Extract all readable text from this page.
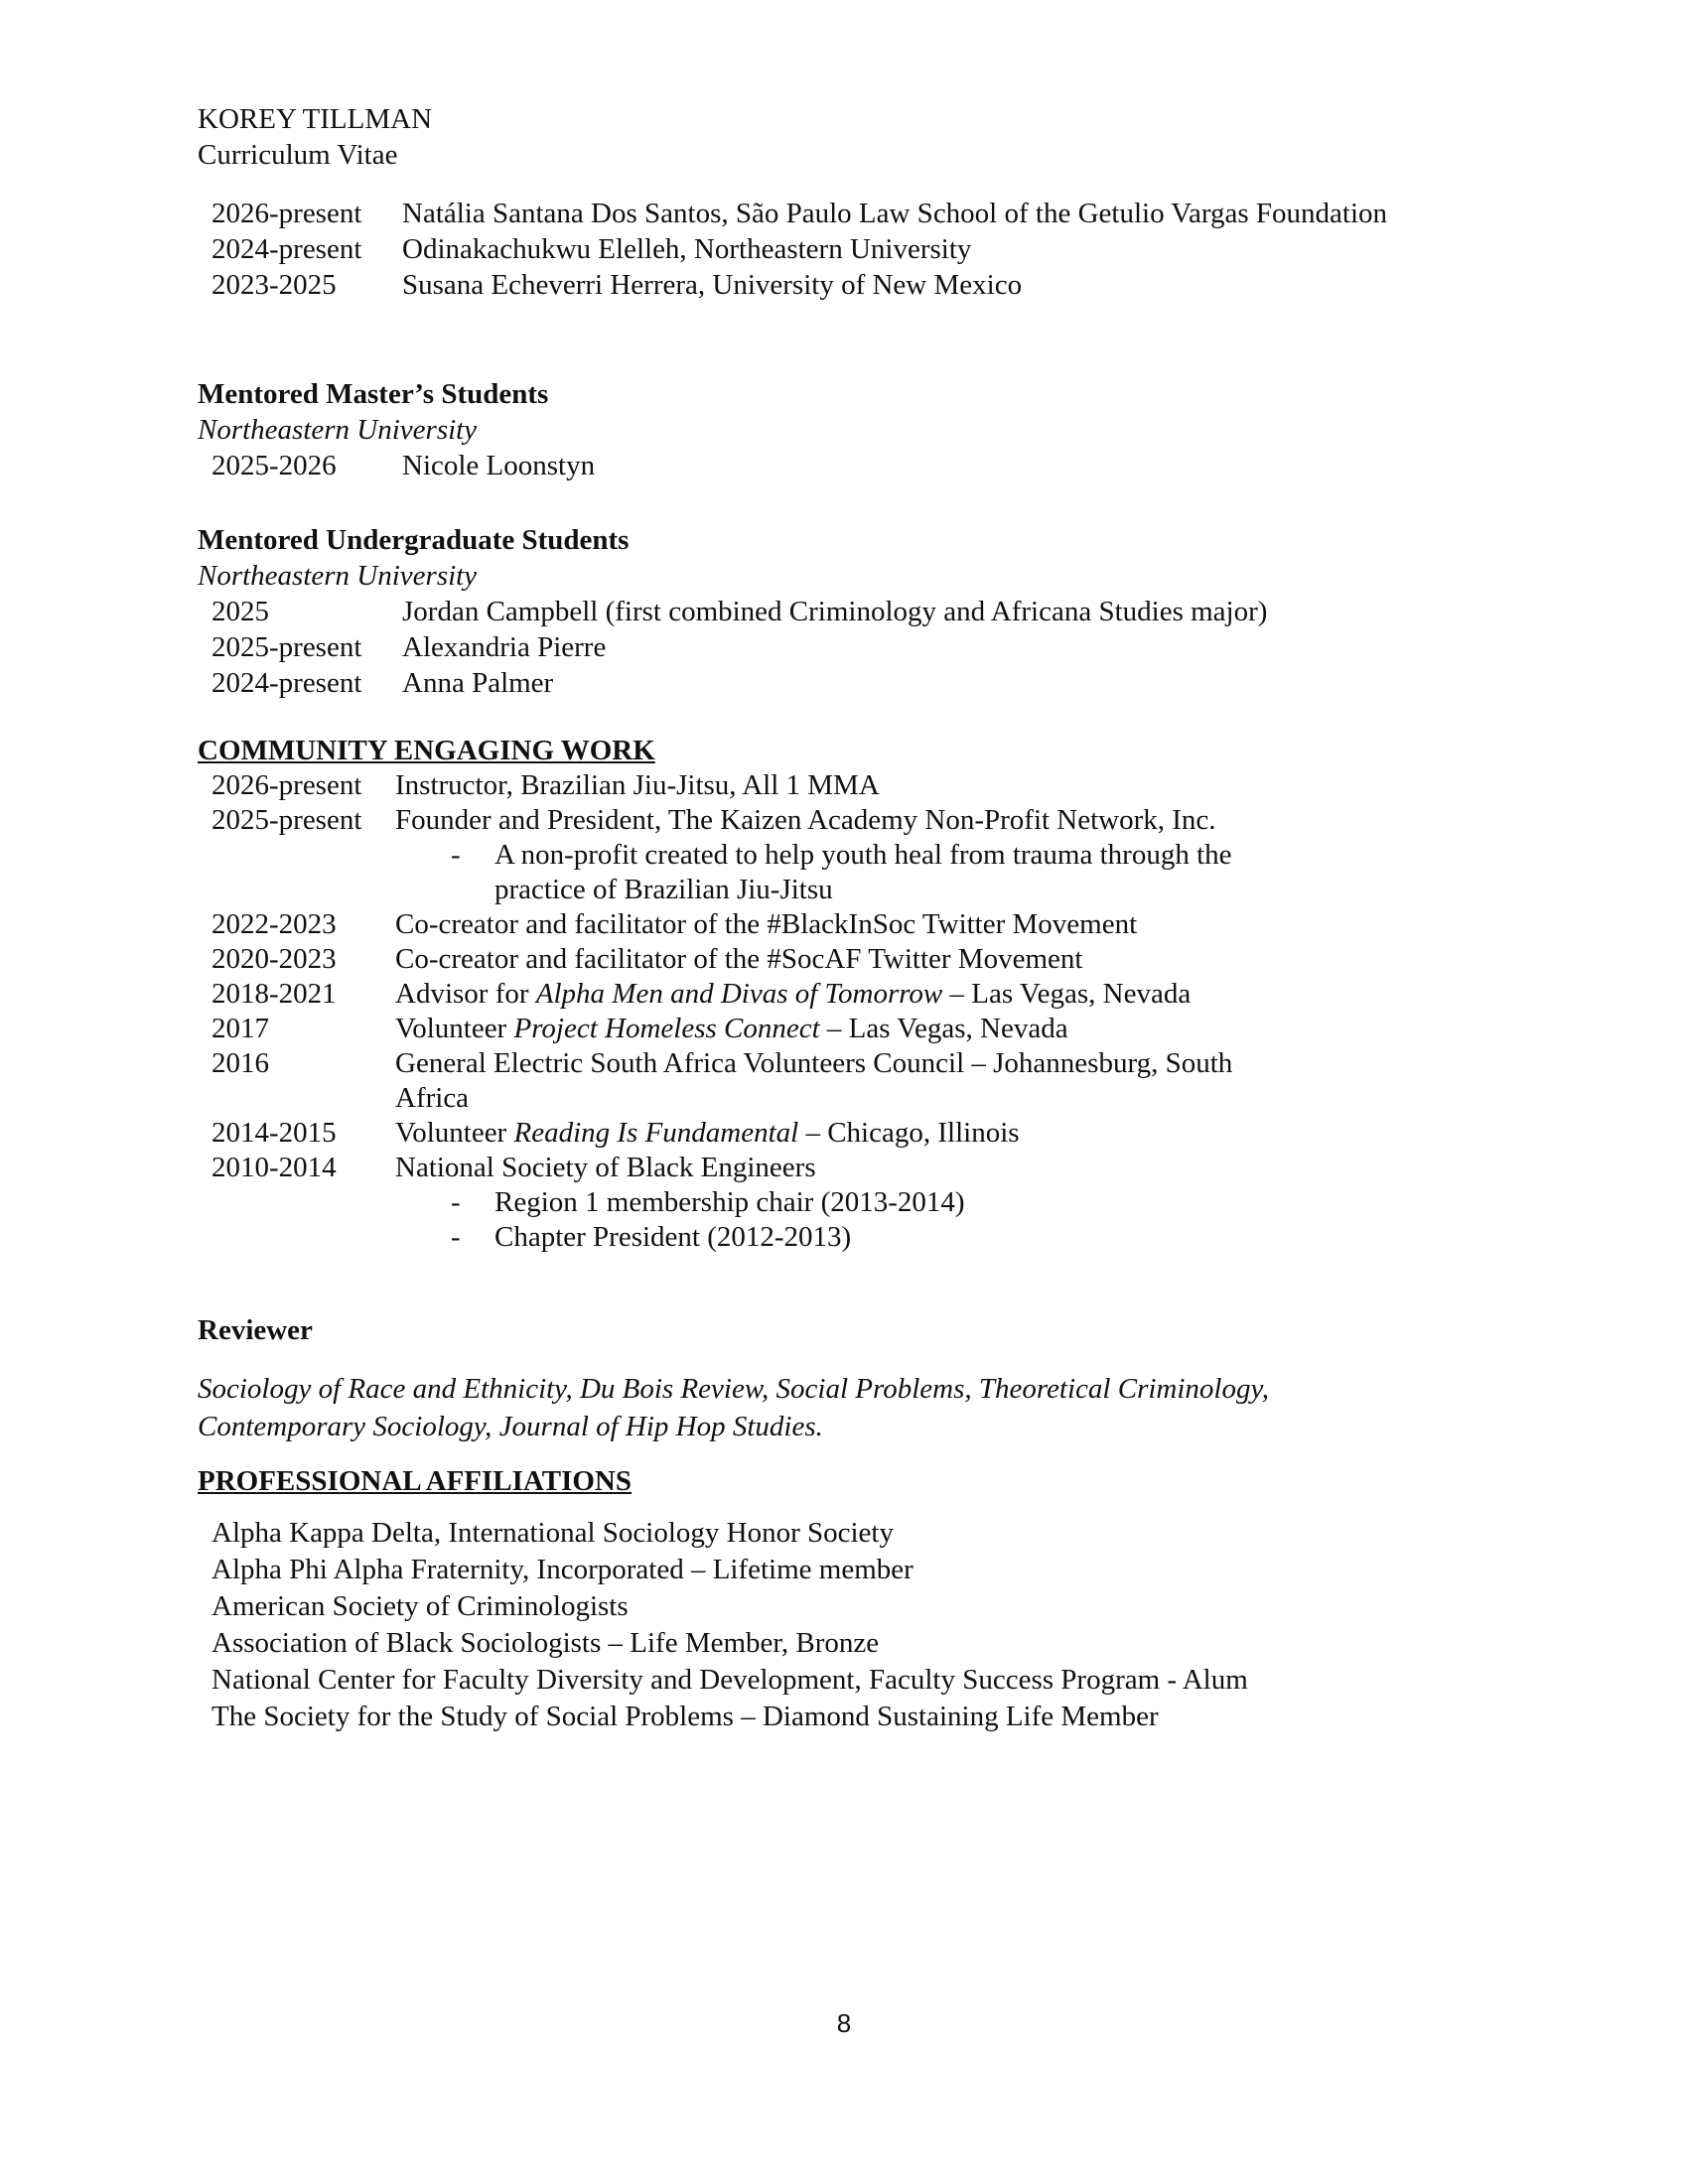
KOREY TILLMAN
Curriculum Vitae
2026-present	Natália Santana Dos Santos, São Paulo Law School of the Getulio Vargas Foundation
2024-present	Odinakachukwu Elelleh, Northeastern University
2023-2025	Susana Echeverri Herrera, University of New Mexico
Mentored Master’s Students
Northeastern University
2025-2026	Nicole Loonstyn
Mentored Undergraduate Students
Northeastern University
2025	Jordan Campbell (first combined Criminology and Africana Studies major)
2025-present	Alexandria Pierre
2024-present	Anna Palmer
COMMUNITY ENGAGING WORK
2026-present	Instructor, Brazilian Jiu-Jitsu, All 1 MMA
2025-present	Founder and President, The Kaizen Academy Non-Profit Network, Inc.
-	A non-profit created to help youth heal from trauma through the practice of Brazilian Jiu-Jitsu
2022-2023	Co-creator and facilitator of the #BlackInSoc Twitter Movement
2020-2023	Co-creator and facilitator of the #SocAF Twitter Movement
2018-2021	Advisor for Alpha Men and Divas of Tomorrow – Las Vegas, Nevada
2017	Volunteer Project Homeless Connect – Las Vegas, Nevada
2016	General Electric South Africa Volunteers Council – Johannesburg, South Africa
2014-2015	Volunteer Reading Is Fundamental – Chicago, Illinois
2010-2014	National Society of Black Engineers
-	Region 1 membership chair (2013-2014)
-	Chapter President (2012-2013)
Reviewer
Sociology of Race and Ethnicity, Du Bois Review, Social Problems, Theoretical Criminology,
Contemporary Sociology, Journal of Hip Hop Studies.
PROFESSIONAL AFFILIATIONS
Alpha Kappa Delta, International Sociology Honor Society
Alpha Phi Alpha Fraternity, Incorporated – Lifetime member
American Society of Criminologists
Association of Black Sociologists – Life Member, Bronze
National Center for Faculty Diversity and Development, Faculty Success Program - Alum
The Society for the Study of Social Problems – Diamond Sustaining Life Member
8
